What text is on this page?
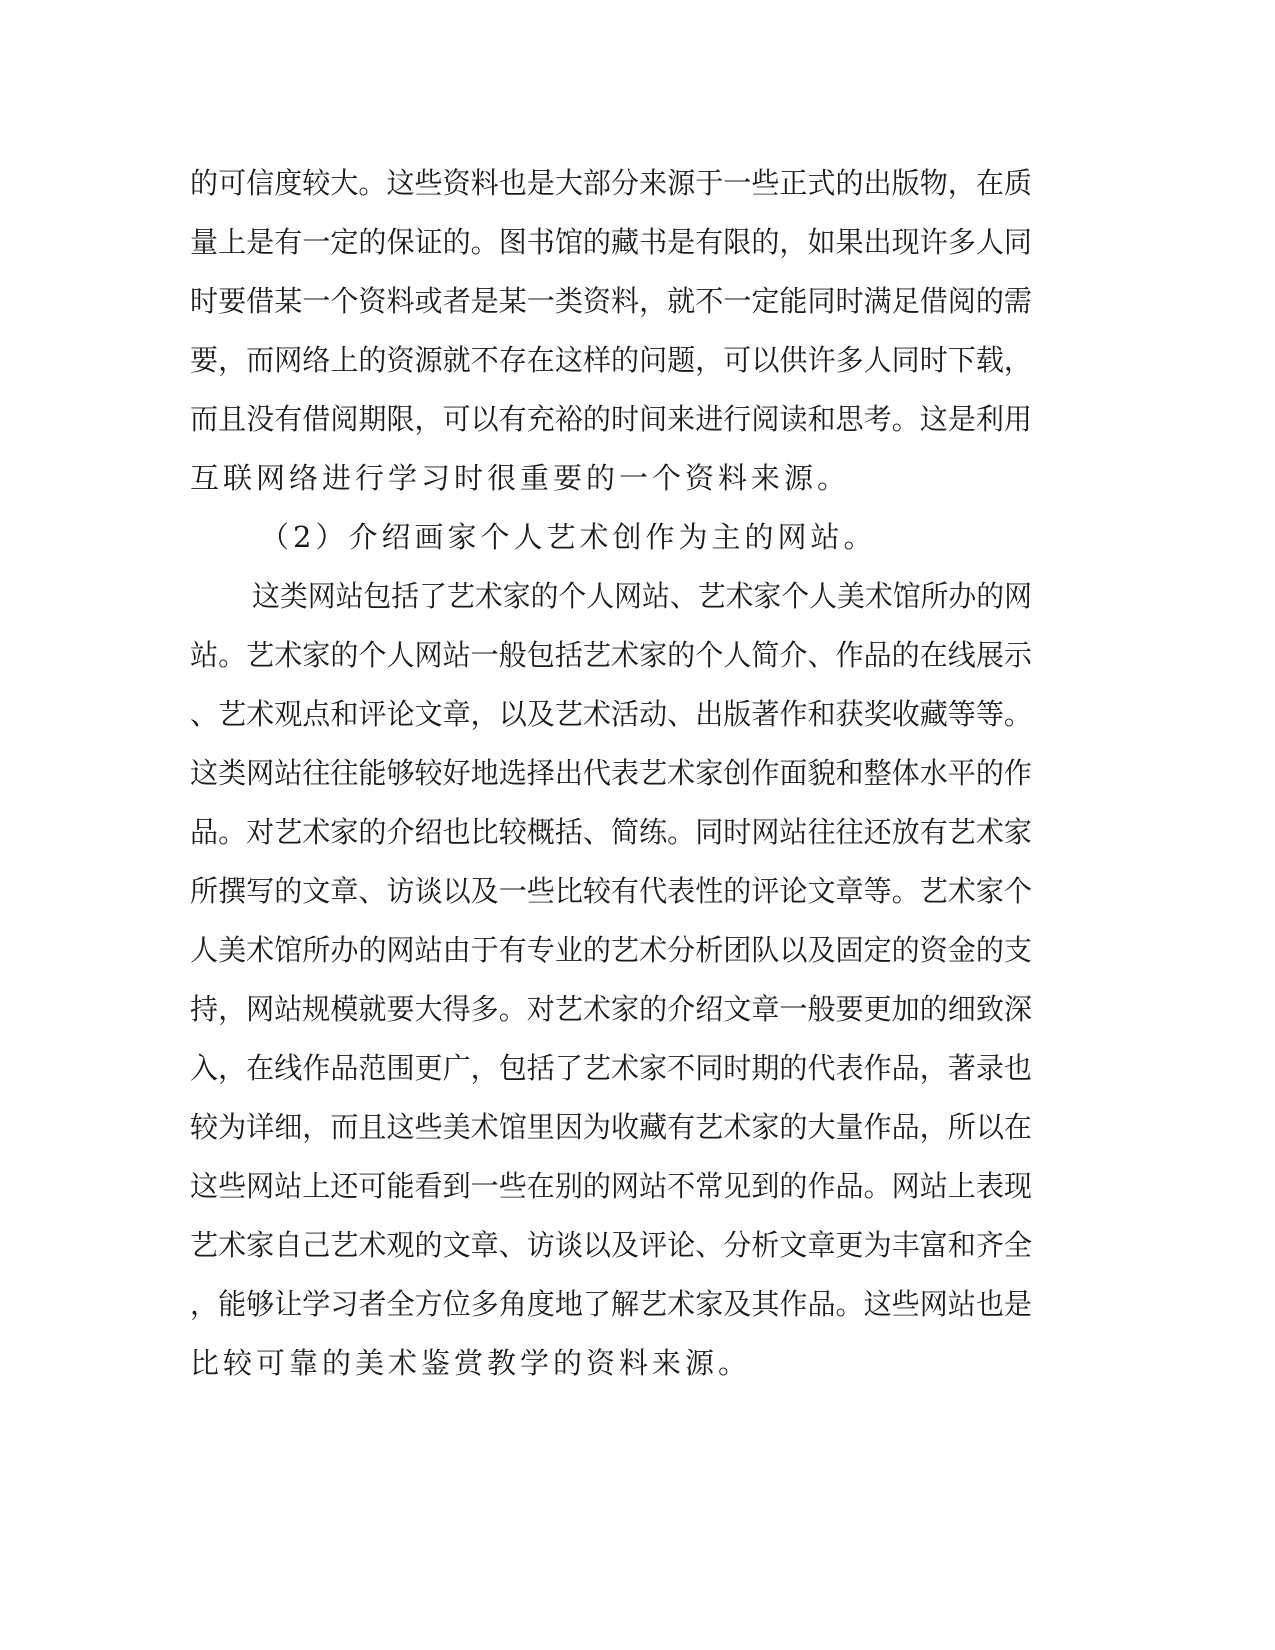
的可信度较大。这些资料也是大部分来源于一些正式的出版物，在质
量上是有一定的保证的。图书馆的藏书是有限的，如果出现许多人同
时要借某一个资料或者是某一类资料，就不一定能同时满足借阅的需
要，而网络上的资源就不存在这样的问题，可以供许多人同时下载，
而且没有借阅期限，可以有充裕的时间来进行阅读和思考。这是利用
互联网络进行学习时很重要的一个资料来源。
（2）介绍画家个人艺术创作为主的网站。
这类网站包括了艺术家的个人网站、艺术家个人美术馆所办的网
站。艺术家的个人网站一般包括艺术家的个人简介、作品的在线展示
、艺术观点和评论文章，以及艺术活动、出版著作和获奖收藏等等。
这类网站往往能够较好地选择出代表艺术家创作面貌和整体水平的作
品。对艺术家的介绍也比较概括、简练。同时网站往往还放有艺术家
所撰写的文章、访谈以及一些比较有代表性的评论文章等。艺术家个
人美术馆所办的网站由于有专业的艺术分析团队以及固定的资金的支
持，网站规模就要大得多。对艺术家的介绍文章一般要更加的细致深
入，在线作品范围更广，包括了艺术家不同时期的代表作品，著录也
较为详细，而且这些美术馆里因为收藏有艺术家的大量作品，所以在
这些网站上还可能看到一些在别的网站不常见到的作品。网站上表现
艺术家自己艺术观的文章、访谈以及评论、分析文章更为丰富和齐全
，能够让学习者全方位多角度地了解艺术家及其作品。这些网站也是
比较可靠的美术鉴赏教学的资料来源。
